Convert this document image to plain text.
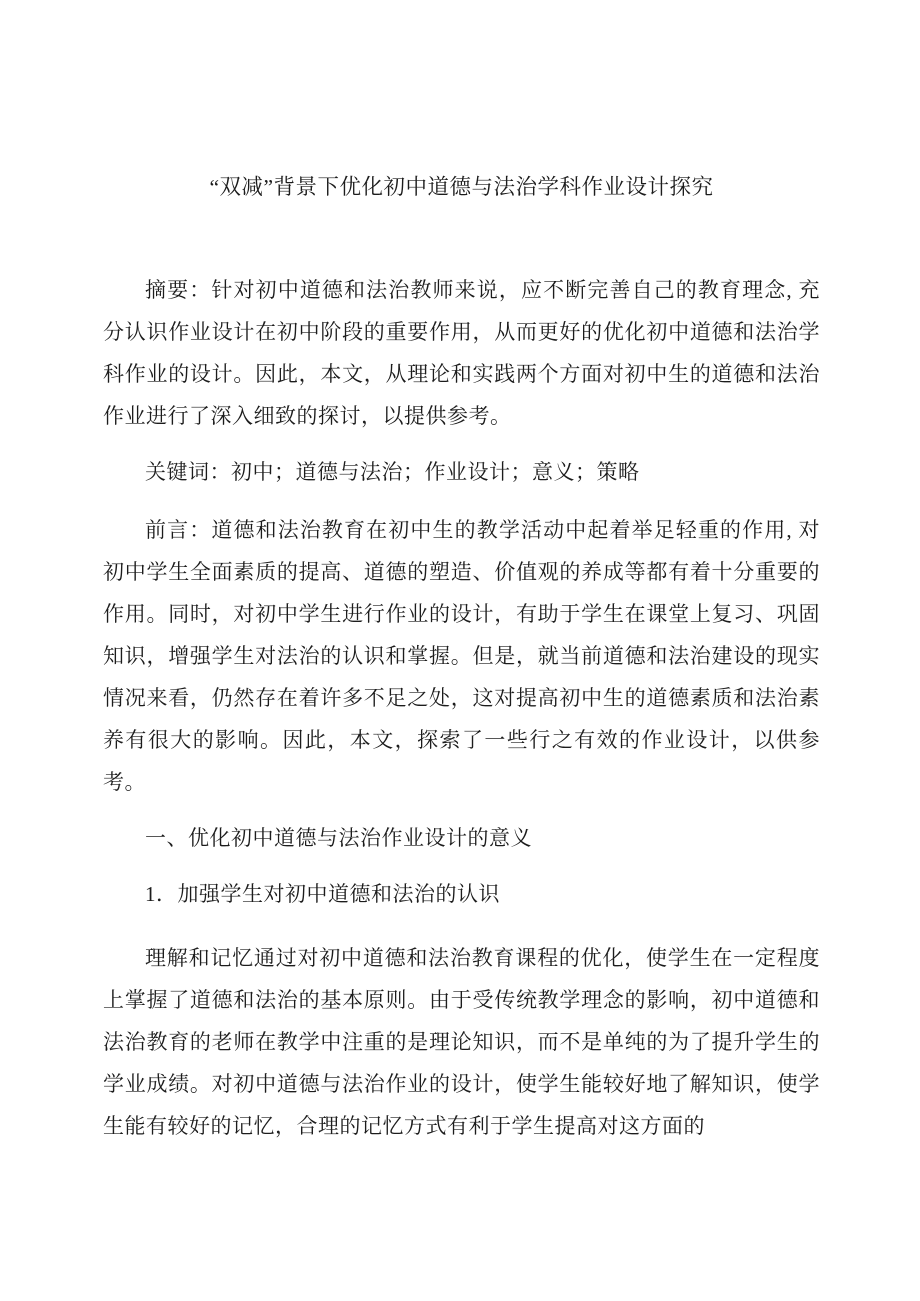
“双减”背景下优化初中道德与法治学科作业设计探究

摘要：针对初中道德和法治教师来说，应不断完善自己的教育理念, 充分认识作业设计在初中阶段的重要作用，从而更好的优化初中道德和法治学科作业的设计。因此，本文，从理论和实践两个方面对初中生的道德和法治作业进行了深入细致的探讨，以提供参考。

关键词：初中；道德与法治；作业设计；意义；策略

前言：道德和法治教育在初中生的教学活动中起着举足轻重的作用, 对初中学生全面素质的提高、道德的塑造、价值观的养成等都有着十分重要的作用。同时，对初中学生进行作业的设计，有助于学生在课堂上复习、巩固知识，增强学生对法治的认识和掌握。但是，就当前道德和法治建设的现实情况来看，仍然存在着许多不足之处，这对提高初中生的道德素质和法治素养有很大的影响。因此，本文，探索了一些行之有效的作业设计，以供参考。

一、优化初中道德与法治作业设计的意义

1．加强学生对初中道德和法治的认识

理解和记忆通过对初中道德和法治教育课程的优化，使学生在一定程度上掌握了道德和法治的基本原则。由于受传统教学理念的影响，初中道德和法治教育的老师在教学中注重的是理论知识，而不是单纯的为了提升学生的学业成绩。对初中道德与法治作业的设计，使学生能较好地了解知识，使学生能有较好的记忆，合理的记忆方式有利于学生提高对这方面的
